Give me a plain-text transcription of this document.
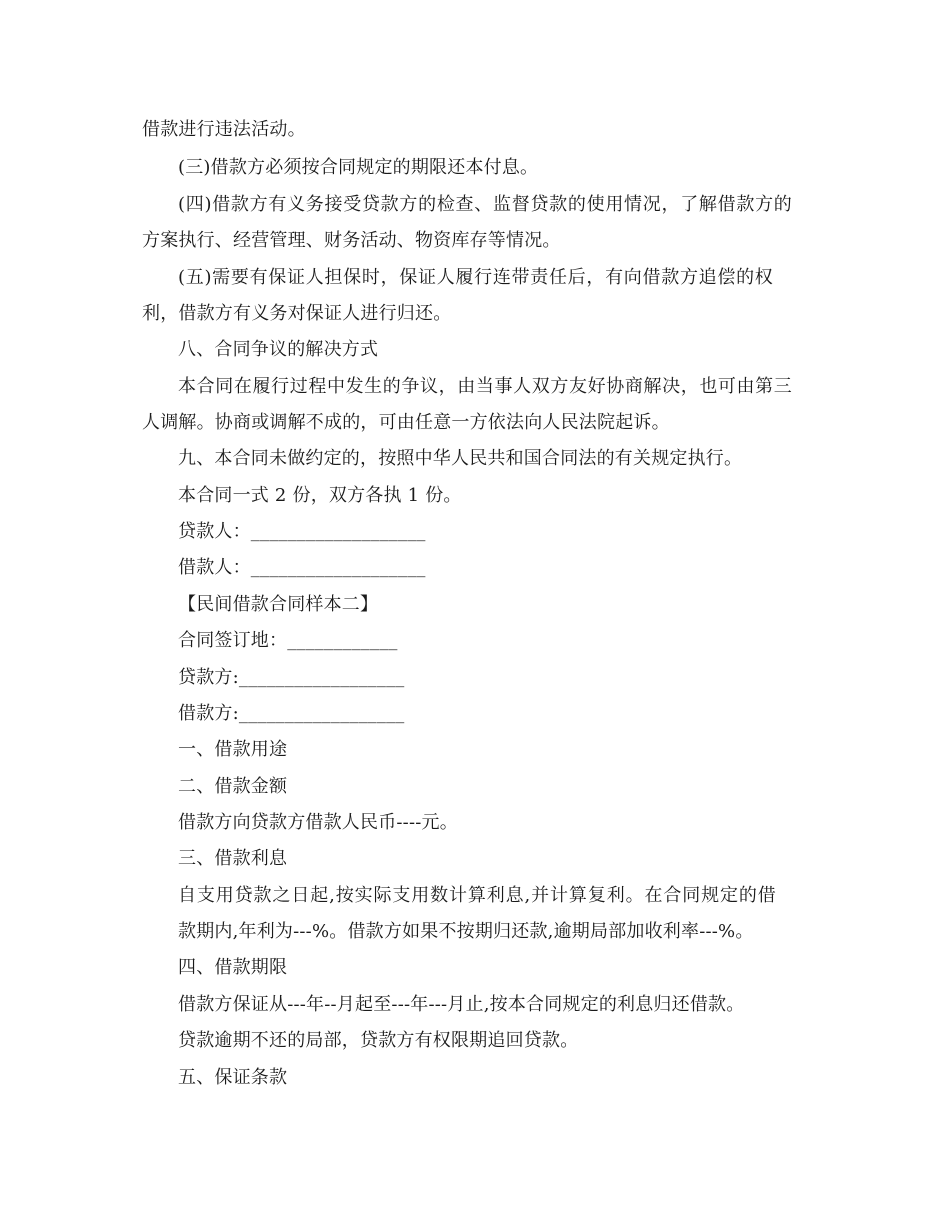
借款进行违法活动。
(三)借款方必须按合同规定的期限还本付息。
(四)借款方有义务接受贷款方的检查、监督贷款的使用情况，了解借款方的
方案执行、经营管理、财务活动、物资库存等情况。
(五)需要有保证人担保时，保证人履行连带责任后，有向借款方追偿的权
利，借款方有义务对保证人进行归还。
八、合同争议的解决方式
本合同在履行过程中发生的争议，由当事人双方友好协商解决，也可由第三
人调解。协商或调解不成的，可由任意一方依法向人民法院起诉。
九、本合同未做约定的，按照中华人民共和国合同法的有关规定执行。
本合同一式 2 份，双方各执 1 份。
贷款人：___________________
借款人：___________________
【民间借款合同样本二】
合同签订地：____________
贷款方:__________________
借款方:__________________
一、借款用途
二、借款金额
借款方向贷款方借款人民币----元。
三、借款利息
自支用贷款之日起,按实际支用数计算利息,并计算复利。在合同规定的借
款期内,年利为---%。借款方如果不按期归还款,逾期局部加收利率---%。
四、借款期限
借款方保证从---年--月起至---年---月止,按本合同规定的利息归还借款。
贷款逾期不还的局部，贷款方有权限期追回贷款。
五、保证条款
